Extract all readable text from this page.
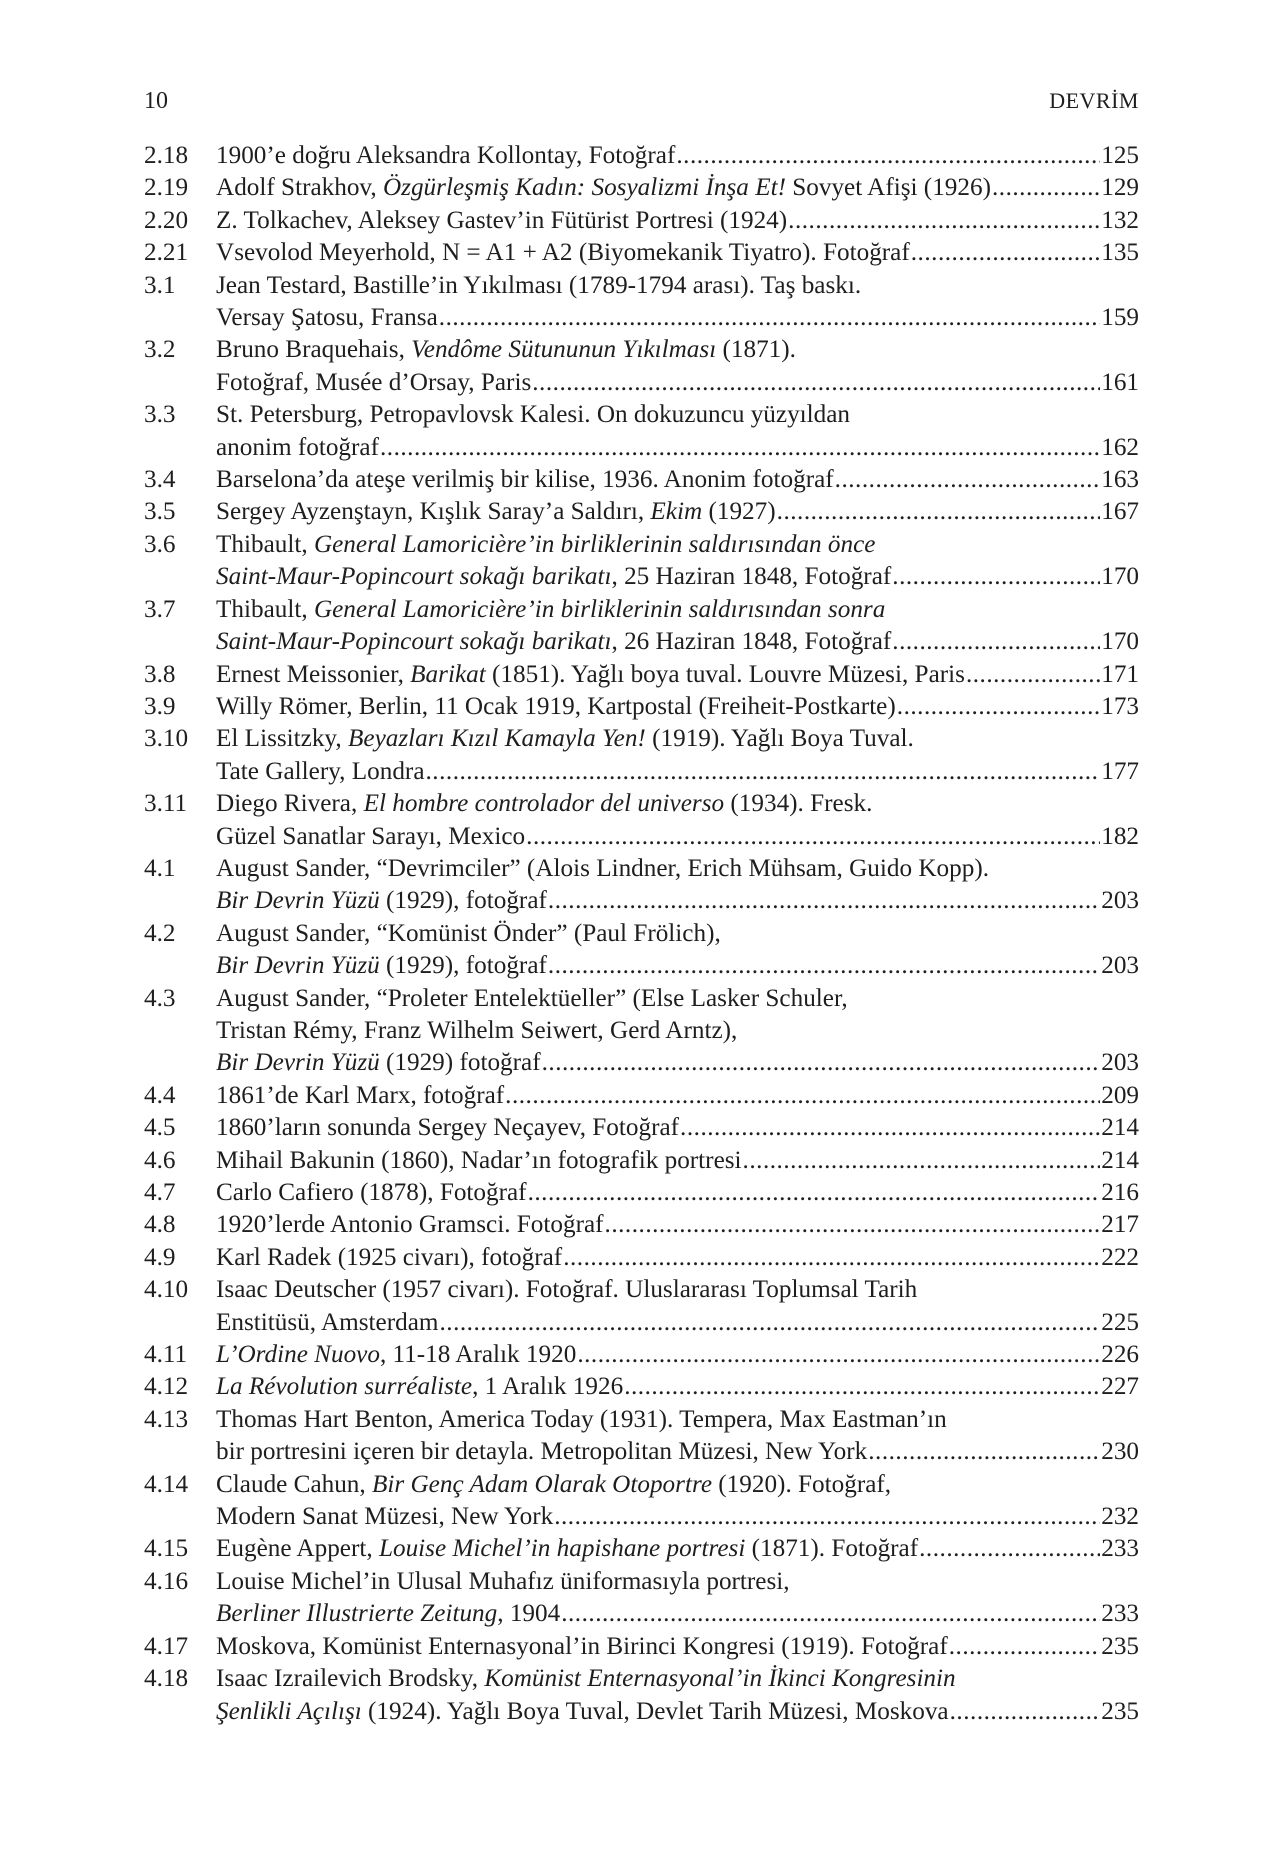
10	DEVRİM
2.18	1900’e doğru Aleksandra Kollontay, Fotoğraf .....	125
2.19	Adolf Strakhov, Özgürleşmiş Kadın: Sosyalizmi İnşa Et! Sovyet Afişi (1926) .....	129
2.20	Z. Tolkachev, Aleksey Gastev’in Fütürist Portresi (1924) .....	132
2.21	Vsevolod Meyerhold, N = A1 + A2 (Biyomekanik Tiyatro). Fotoğraf .....	135
3.1	Jean Testard, Bastille’in Yıkılması (1789-1794 arası). Taş baskı.
Versay Şatosu, Fransa .....	159
3.2	Bruno Braquehais, Vendôme Sütununun Yıkılması (1871).
Fotoğraf, Musée d’Orsay, Paris .....	161
3.3	St. Petersburg, Petropavlovsk Kalesi. On dokuzuncu yüzyıldan
anonim fotoğraf .....	162
3.4	Barselona’da ateşe verilmiş bir kilise, 1936. Anonim fotoğraf .....	163
3.5	Sergey Ayzenştayn, Kışlık Saray’a Saldırı, Ekim (1927) .....	167
3.6	Thibault, General Lamoricière’in birliklerinin saldırısından önce
Saint-Maur-Popincourt sokağı barikatı, 25 Haziran 1848, Fotoğraf .....	170
3.7	Thibault, General Lamoricière’in birliklerinin saldırısından sonra
Saint-Maur-Popincourt sokağı barikatı, 26 Haziran 1848, Fotoğraf .....	170
3.8	Ernest Meissonier, Barikat (1851). Yağlı boya tuval. Louvre Müzesi, Paris .....	171
3.9	Willy Römer, Berlin, 11 Ocak 1919, Kartpostal (Freiheit-Postkarte) .....	173
3.10	El Lissitzky, Beyazları Kızıl Kamayla Yen! (1919). Yağlı Boya Tuval.
Tate Gallery, Londra .....	177
3.11	Diego Rivera, El hombre controlador del universo (1934). Fresk.
Güzel Sanatlar Sarayı, Mexico .....	182
4.1	August Sander, “Devrimciler” (Alois Lindner, Erich Mühsam, Guido Kopp).
Bir Devrin Yüzü (1929), fotoğraf .....	203
4.2	August Sander, “Komünist Önder” (Paul Frölich),
Bir Devrin Yüzü (1929), fotoğraf .....	203
4.3	August Sander, “Proleter Entelektüeller” (Else Lasker Schuler,
Tristan Rémy, Franz Wilhelm Seiwert, Gerd Arntz),
Bir Devrin Yüzü (1929) fotoğraf .....	203
4.4	1861’de Karl Marx, fotoğraf .....	209
4.5	1860’ların sonunda Sergey Neçayev, Fotoğraf .....	214
4.6	Mihail Bakunin (1860), Nadar’ın fotografik portresi .....	214
4.7	Carlo Cafiero (1878), Fotoğraf .....	216
4.8	1920’lerde Antonio Gramsci. Fotoğraf .....	217
4.9	Karl Radek (1925 civarı), fotoğraf .....	222
4.10	Isaac Deutscher (1957 civarı). Fotoğraf. Uluslararası Toplumsal Tarih
Enstitüsü, Amsterdam .....	225
4.11	L’Ordine Nuovo, 11-18 Aralık 1920 .....	226
4.12	La Révolution surréaliste, 1 Aralık 1926 .....	227
4.13	Thomas Hart Benton, America Today (1931). Tempera, Max Eastman’ın
bir portresini içeren bir detayla. Metropolitan Müzesi, New York .....	230
4.14	Claude Cahun, Bir Genç Adam Olarak Otoportre (1920). Fotoğraf,
Modern Sanat Müzesi, New York .....	232
4.15	Eugène Appert, Louise Michel’in hapishane portresi (1871). Fotoğraf .....	233
4.16	Louise Michel’in Ulusal Muhafız üniformasıyla portresi,
Berliner Illustrierte Zeitung, 1904 .....	233
4.17	Moskova, Komünist Enternasyonal’in Birinci Kongresi (1919). Fotoğraf .....	235
4.18	Isaac Izrailevich Brodsky, Komünist Enternasyonal’in İkinci Kongresinin
Şenlikli Açılışı (1924). Yağlı Boya Tuval, Devlet Tarih Müzesi, Moskova .....	235
